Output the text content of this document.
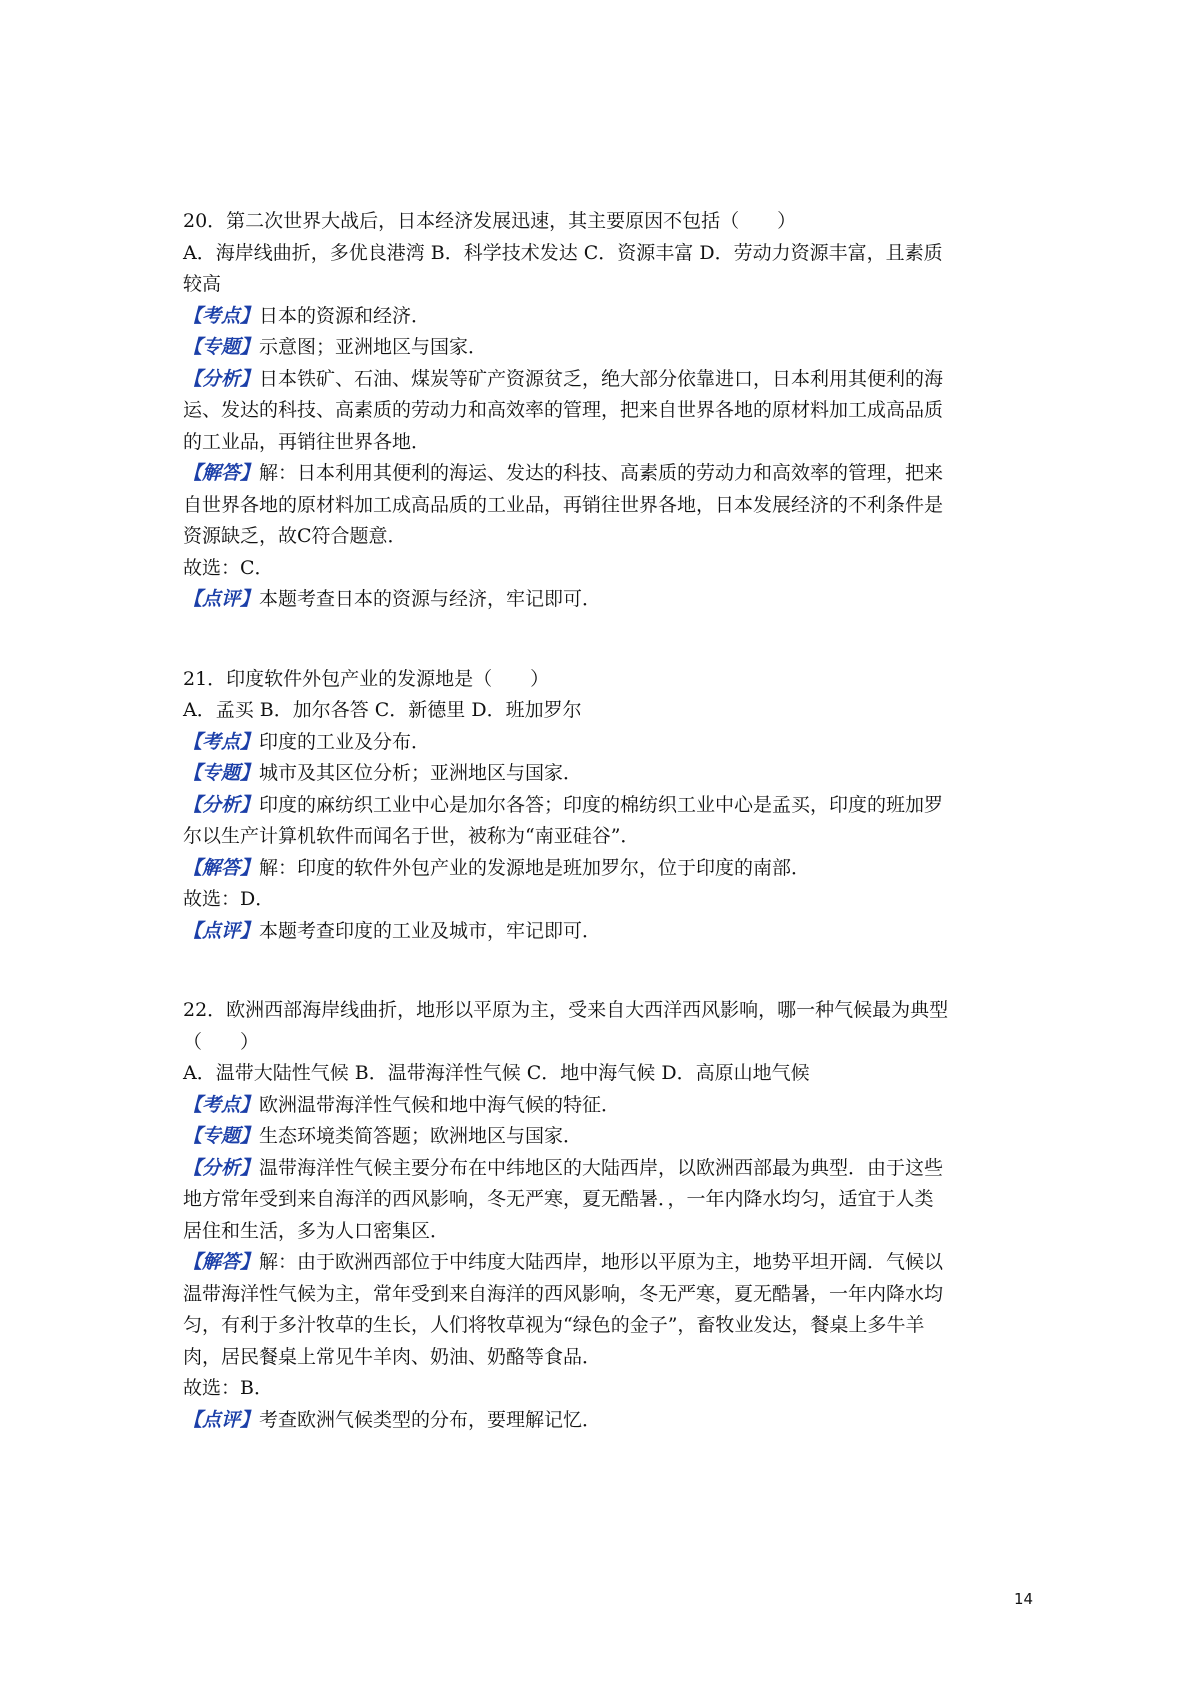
20．第二次世界大战后，日本经济发展迅速，其主要原因不包括（　　）

A．海岸线曲折，多优良港湾 B．科学技术发达 C．资源丰富 D．劳动力资源丰富，且素质

较高

【考点】日本的资源和经济．

【专题】示意图；亚洲地区与国家．

【分析】日本铁矿、石油、煤炭等矿产资源贫乏，绝大部分依靠进口，日本利用其便利的海

运、发达的科技、高素质的劳动力和高效率的管理，把来自世界各地的原材料加工成高品质

的工业品，再销往世界各地．

【解答】解：日本利用其便利的海运、发达的科技、高素质的劳动力和高效率的管理，把来

自世界各地的原材料加工成高品质的工业品，再销往世界各地，日本发展经济的不利条件是

资源缺乏，故C符合题意．

故选：C．

【点评】本题考查日本的资源与经济，牢记即可．

21．印度软件外包产业的发源地是（　　）

A．孟买 B．加尔各答 C．新德里 D．班加罗尔

【考点】印度的工业及分布．

【专题】城市及其区位分析；亚洲地区与国家．

【分析】印度的麻纺织工业中心是加尔各答；印度的棉纺织工业中心是孟买，印度的班加罗

尔以生产计算机软件而闻名于世，被称为“南亚硅谷”．

【解答】解：印度的软件外包产业的发源地是班加罗尔，位于印度的南部．

故选：D．

【点评】本题考查印度的工业及城市，牢记即可．

22．欧洲西部海岸线曲折，地形以平原为主，受来自大西洋西风影响，哪一种气候最为典型

（　　）

A．温带大陆性气候 B．温带海洋性气候 C．地中海气候 D．高原山地气候

【考点】欧洲温带海洋性气候和地中海气候的特征．

【专题】生态环境类简答题；欧洲地区与国家．

【分析】温带海洋性气候主要分布在中纬地区的大陆西岸，以欧洲西部最为典型．由于这些

地方常年受到来自海洋的西风影响，冬无严寒，夏无酷暑．，一年内降水均匀，适宜于人类

居住和生活，多为人口密集区．

【解答】解：由于欧洲西部位于中纬度大陆西岸，地形以平原为主，地势平坦开阔．气候以

温带海洋性气候为主，常年受到来自海洋的西风影响，冬无严寒，夏无酷暑，一年内降水均

匀，有利于多汁牧草的生长，人们将牧草视为“绿色的金子”，畜牧业发达，餐桌上多牛羊

肉，居民餐桌上常见牛羊肉、奶油、奶酪等食品．

故选：B．

【点评】考查欧洲气候类型的分布，要理解记忆．

14
